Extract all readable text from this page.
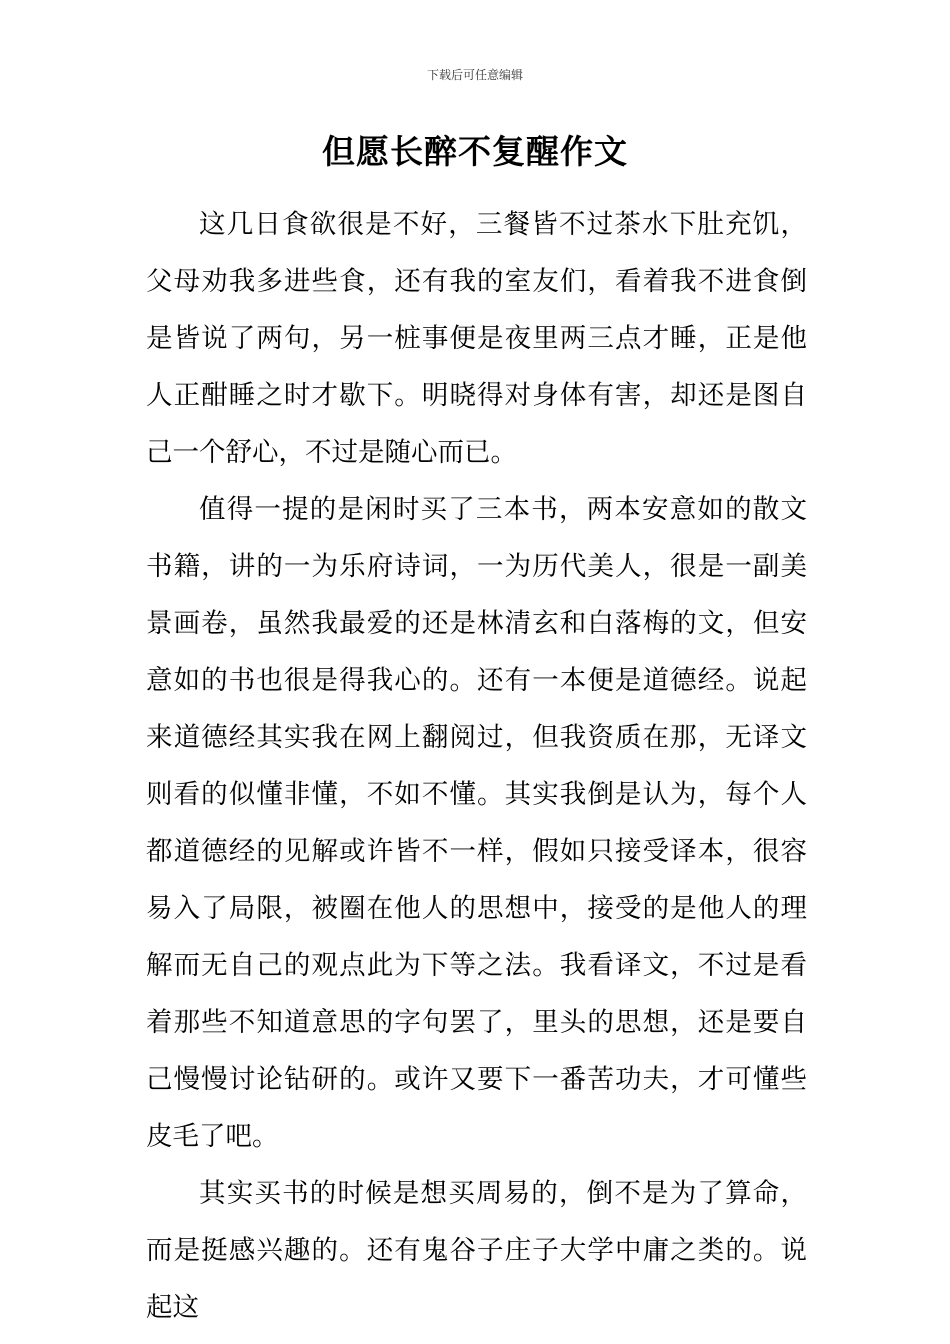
下载后可任意编辑
但愿长醉不复醒作文

这几日食欲很是不好，三餐皆不过茶水下肚充饥，父母劝我多进些食，还有我的室友们，看着我不进食倒是皆说了两句，另一桩事便是夜里两三点才睡，正是他人正酣睡之时才歇下。明晓得对身体有害，却还是图自己一个舒心，不过是随心而已。

值得一提的是闲时买了三本书，两本安意如的散文书籍，讲的一为乐府诗词，一为历代美人，很是一副美景画卷，虽然我最爱的还是林清玄和白落梅的文，但安意如的书也很是得我心的。还有一本便是道德经。说起来道德经其实我在网上翻阅过，但我资质在那，无译文则看的似懂非懂，不如不懂。其实我倒是认为，每个人都道德经的见解或许皆不一样，假如只接受译本，很容易入了局限，被圈在他人的思想中，接受的是他人的理解而无自己的观点此为下等之法。我看译文，不过是看着那些不知道意思的字句罢了，里头的思想，还是要自己慢慢讨论钻研的。或许又要下一番苦功夫，才可懂些皮毛了吧。

其实买书的时候是想买周易的，倒不是为了算命，而是挺感兴趣的。还有鬼谷子庄子大学中庸之类的。说起这
